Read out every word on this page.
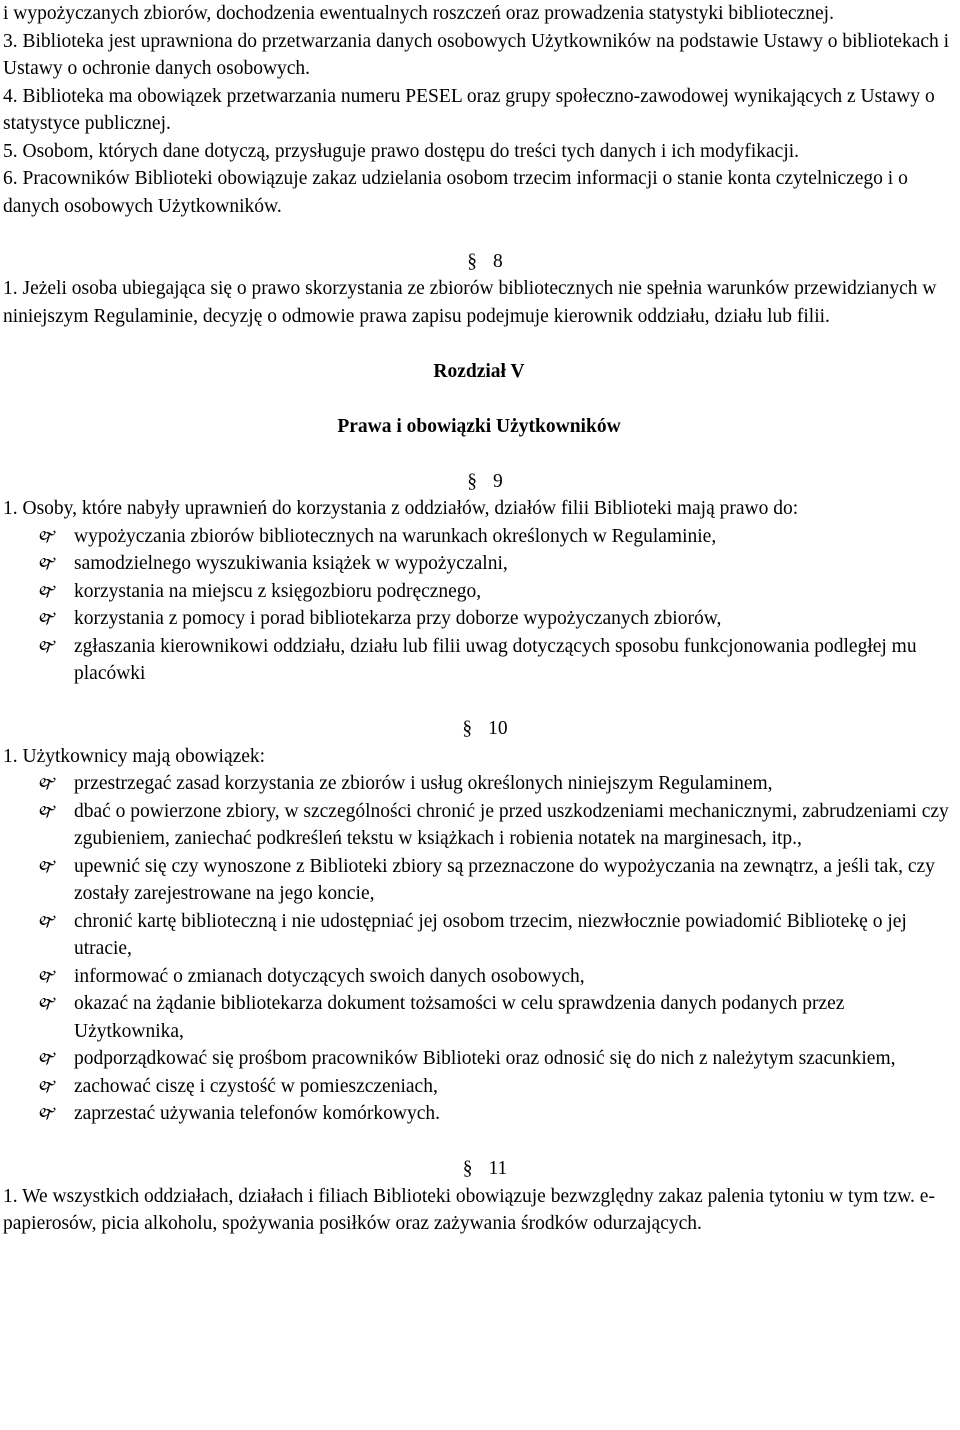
i wypożyczanych zbiorów, dochodzenia ewentualnych roszczeń oraz prowadzenia statystyki bibliotecznej.

3. Biblioteka jest uprawniona do przetwarzania danych osobowych Użytkowników na podstawie Ustawy o bibliotekach i Ustawy o ochronie danych osobowych.

4. Biblioteka ma obowiązek przetwarzania numeru PESEL oraz grupy społeczno-zawodowej wynikających z Ustawy o statystyce publicznej.

5. Osobom, których dane dotyczą, przysługuje prawo dostępu do treści tych danych i ich modyfikacji.

6. Pracowników Biblioteki obowiązuje zakaz udzielania osobom trzecim informacji o stanie konta czytelniczego i o danych osobowych Użytkowników.

§ 8

1. Jeżeli osoba ubiegająca się o prawo skorzystania ze zbiorów bibliotecznych nie spełnia warunków przewidzianych w niniejszym Regulaminie, decyzję o odmowie prawa zapisu podejmuje kierownik oddziału, działu lub filii.

Rozdział V
Prawa i obowiązki Użytkowników
§ 9

1. Osoby, które nabyły uprawnień do korzystania z oddziałów, działów filii Biblioteki mają prawo do:

🙰 wypożyczania zbiorów bibliotecznych na warunkach określonych w Regulaminie,
🙰 samodzielnego wyszukiwania książek w wypożyczalni,
🙰 korzystania na miejscu z księgozbioru podręcznego,
🙰 korzystania z pomocy i porad bibliotekarza przy doborze wypożyczanych zbiorów,
🙰 zgłaszania kierownikowi oddziału, działu lub filii uwag dotyczących sposobu funkcjonowania podległej mu placówki
§ 10

1. Użytkownicy mają obowiązek:

🙰 przestrzegać zasad korzystania ze zbiorów i usług określonych niniejszym Regulaminem,
🙰 dbać o powierzone zbiory, w szczególności chronić je przed uszkodzeniami mechanicznymi, zabrudzeniami czy zgubieniem, zaniechać podkreśleń tekstu w książkach i robienia notatek na marginesach, itp.,
🙰 upewnić się czy wynoszone z Biblioteki zbiory są przeznaczone do wypożyczania na zewnątrz, a jeśli tak, czy zostały zarejestrowane na jego koncie,
🙰 chronić kartę biblioteczną i nie udostępniać jej osobom trzecim, niezwłocznie powiadomić Bibliotekę o jej utracie,
🙰 informować o zmianach dotyczących swoich danych osobowych,
🙰 okazać na żądanie bibliotekarza dokument tożsamości w celu sprawdzenia danych podanych przez Użytkownika,
🙰 podporządkować się prośbom pracowników Biblioteki oraz odnosić się do nich z należytym szacunkiem,
🙰 zachować ciszę i czystość w pomieszczeniach,
🙰 zaprzestać używania telefonów komórkowych.
§ 11

1. We wszystkich oddziałach, działach i filiach Biblioteki obowiązuje bezwzględny zakaz palenia tytoniu w tym tzw. e-papierosów, picia alkoholu, spożywania posiłków oraz zażywania środków odurzających.
